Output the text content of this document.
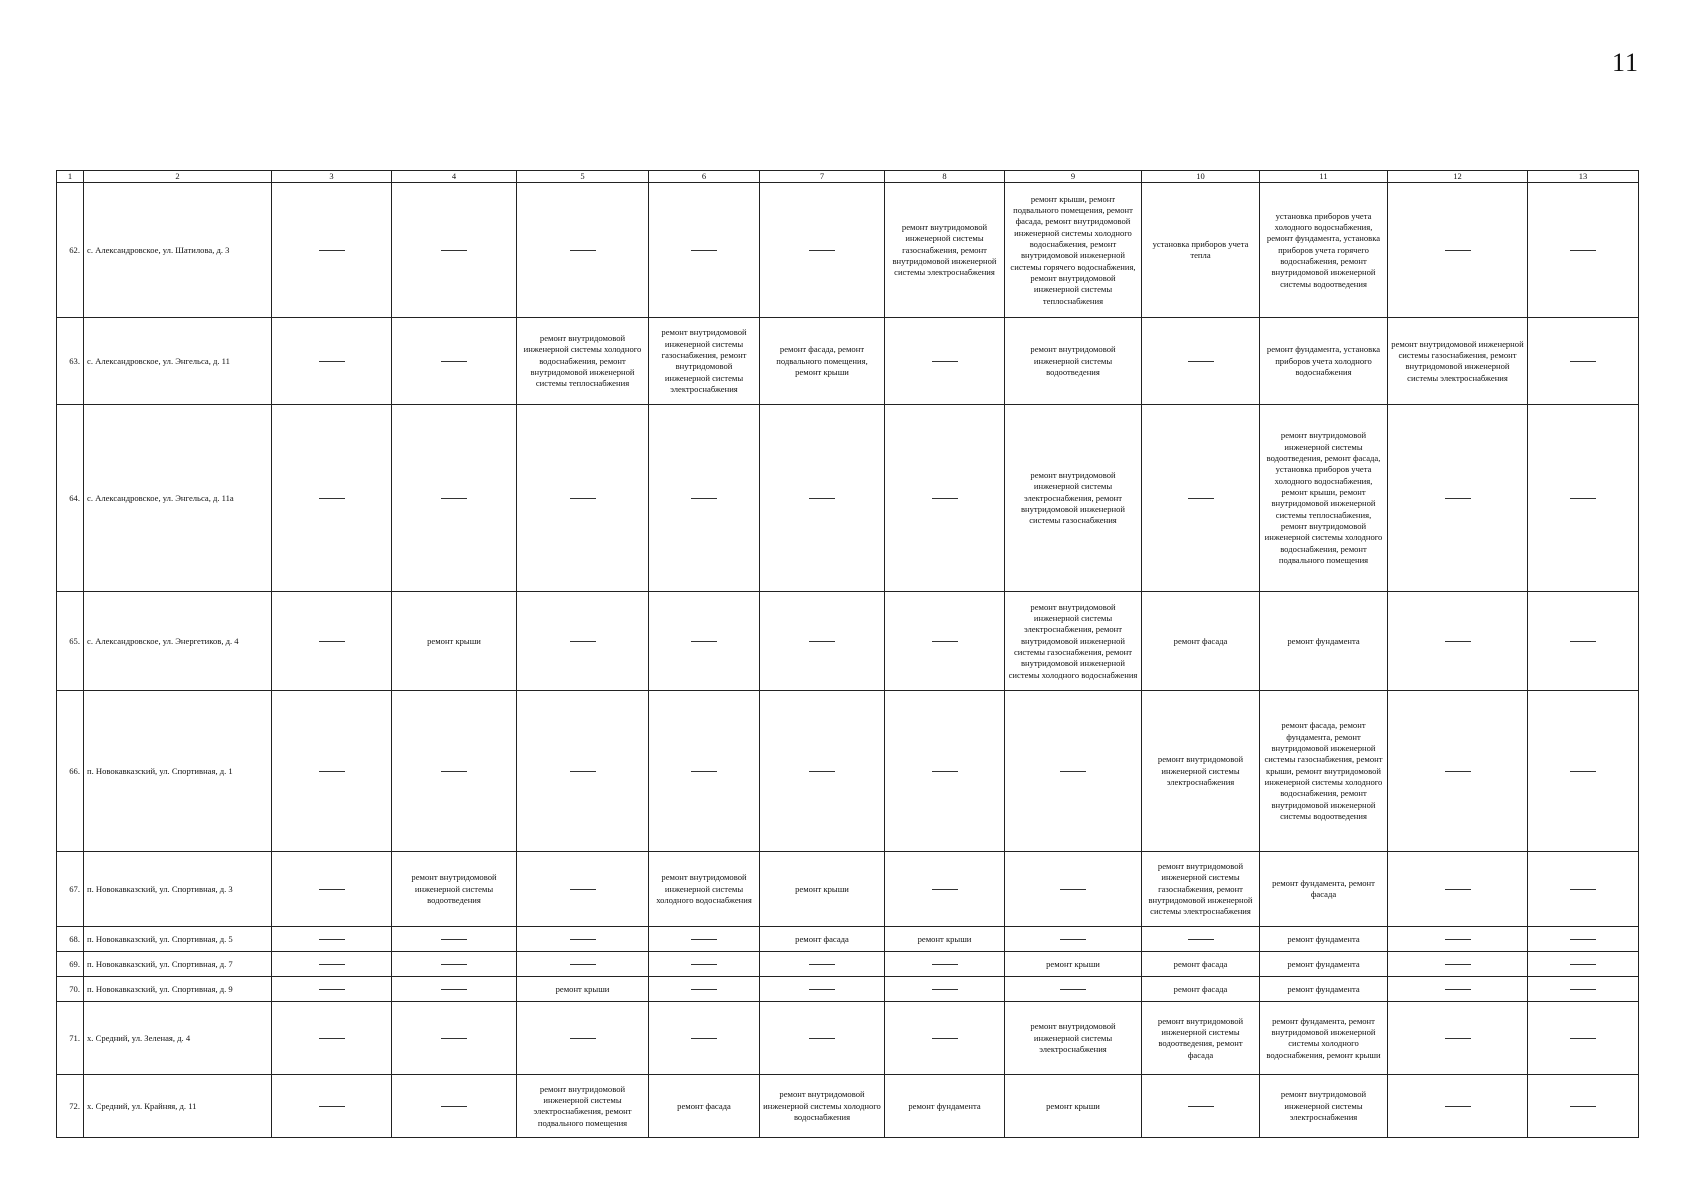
11
1	2	3	4	5	6	7	8	9	10	11	12	13
62.	с. Александровское, ул. Шатилова, д. 3						ремонт внутридомовой инженерной системы газоснабжения, ремонт внутридомовой инженерной системы электроснабжения	ремонт крыши, ремонт подвального помещения, ремонт фасада, ремонт внутридомовой инженерной системы холодного водоснабжения, ремонт внутридомовой инженерной системы горячего водоснабжения, ремонт внутридомовой инженерной системы теплоснабжения	установка приборов учета тепла	установка приборов учета холодного водоснабжения, ремонт фундамента, установка приборов учета горячего водоснабжения, ремонт внутридомовой инженерной системы водоотведения		
63.	с. Александровское, ул. Энгельса, д. 11			ремонт внутридомовой инженерной системы холодного водоснабжения, ремонт внутридомовой инженерной системы теплоснабжения	ремонт внутридомовой инженерной системы газоснабжения, ремонт внутридомовой инженерной системы электроснабжения	ремонт фасада, ремонт подвального помещения, ремонт крыши		ремонт внутридомовой инженерной системы водоотведения		ремонт фундамента, установка приборов учета холодного водоснабжения	ремонт внутридомовой инженерной системы газоснабжения, ремонт внутридомовой инженерной системы электроснабжения	
64.	с. Александровское, ул. Энгельса, д. 11а							ремонт внутридомовой инженерной системы электроснабжения, ремонт внутридомовой инженерной системы газоснабжения		ремонт внутридомовой инженерной системы водоотведения, ремонт фасада, установка приборов учета холодного водоснабжения, ремонт крыши, ремонт внутридомовой инженерной системы теплоснабжения, ремонт внутридомовой инженерной системы холодного водоснабжения, ремонт подвального помещения		
65.	с. Александровское, ул. Энергетиков, д. 4		ремонт крыши					ремонт внутридомовой инженерной системы электроснабжения, ремонт внутридомовой инженерной системы газоснабжения, ремонт внутридомовой инженерной системы холодного водоснабжения	ремонт фасада	ремонт фундамента		
66.	п. Новокавказский, ул. Спортивная, д. 1								ремонт внутридомовой инженерной системы электроснабжения	ремонт фасада, ремонт фундамента, ремонт внутридомовой инженерной системы газоснабжения, ремонт крыши, ремонт внутридомовой инженерной системы холодного водоснабжения, ремонт внутридомовой инженерной системы водоотведения		
67.	п. Новокавказский, ул. Спортивная, д. 3		ремонт внутридомовой инженерной системы водоотведения		ремонт внутридомовой инженерной системы холодного водоснабжения	ремонт крыши			ремонт внутридомовой инженерной системы газоснабжения, ремонт внутридомовой инженерной системы электроснабжения	ремонт фундамента, ремонт фасада		
68.	п. Новокавказский, ул. Спортивная, д. 5					ремонт фасада	ремонт крыши			ремонт фундамента		
69.	п. Новокавказский, ул. Спортивная, д. 7							ремонт крыши	ремонт фасада	ремонт фундамента		
70.	п. Новокавказский, ул. Спортивная, д. 9			ремонт крыши					ремонт фасада	ремонт фундамента		
71.	х. Средний, ул. Зеленая, д. 4							ремонт внутридомовой инженерной системы электроснабжения	ремонт внутридомовой инженерной системы водоотведения, ремонт фасада	ремонт фундамента, ремонт внутридомовой инженерной системы холодного водоснабжения, ремонт крыши		
72.	х. Средний, ул. Крайняя, д. 11			ремонт внутридомовой инженерной системы электроснабжения, ремонт подвального помещения	ремонт фасада	ремонт внутридомовой инженерной системы холодного водоснабжения	ремонт фундамента	ремонт крыши		ремонт внутридомовой инженерной системы электроснабжения		
